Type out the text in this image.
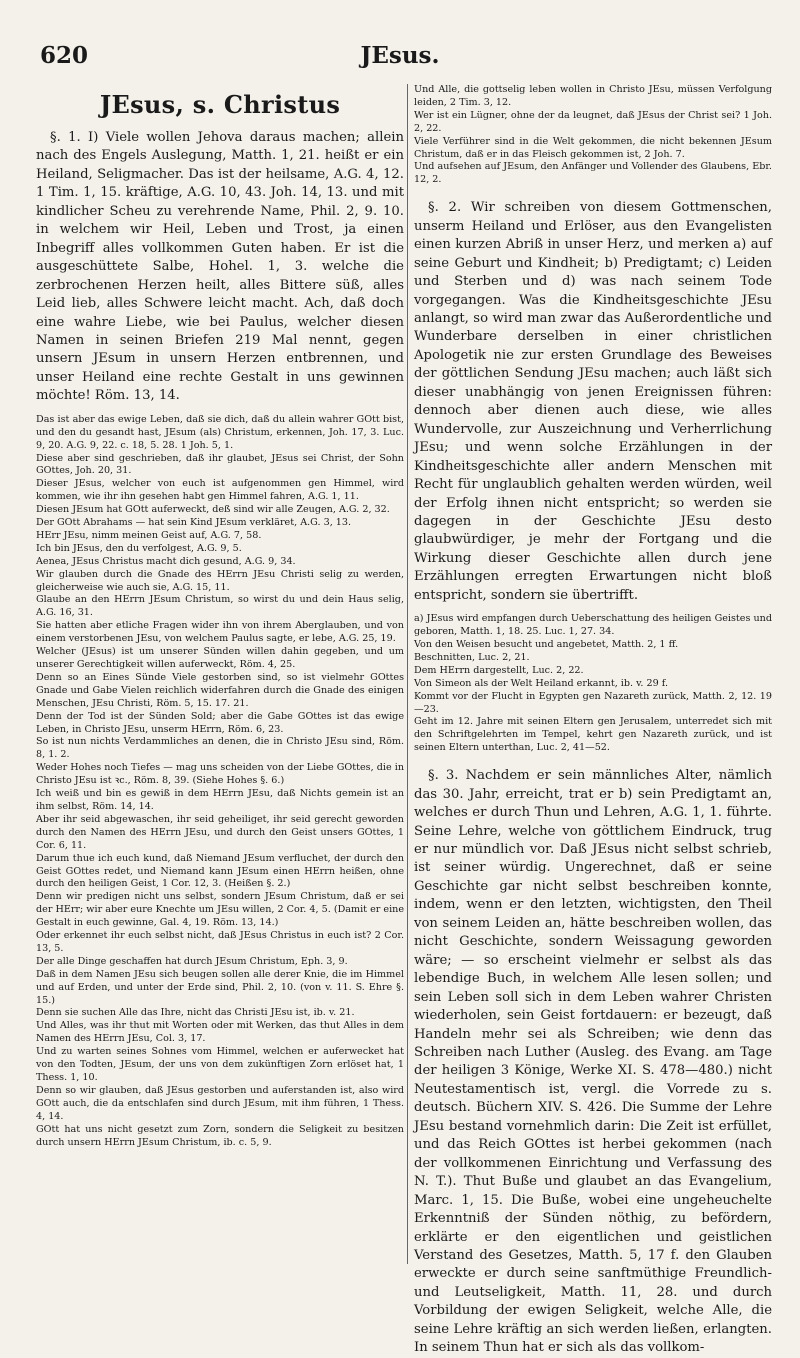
JEsus.
620
JEsus, s. Christus

§. 1. I) Viele wollen Jehova daraus machen; allein nach des Engels Auslegung, Matth. 1, 21. heißt er ein Heiland, Seligmacher. Das ist der heilsame, A.G. 4, 12. 1 Tim. 1, 15. kräftige, A.G. 10, 43. Joh. 14, 13. und mit kindlicher Scheu zu verehrende Name, Phil. 2, 9. 10. in welchem wir Heil, Leben und Trost, ja einen Inbegriff alles vollkommen Guten haben. Er ist die ausgeschüttete Salbe, Hohel. 1, 3. welche die zerbrochenen Herzen heilt, alles Bittere süß, alles Leid lieb, alles Schwere leicht macht. Ach, daß doch eine wahre Liebe, wie bei Paulus, welcher diesen Namen in seinen Briefen 219 Mal nennt, gegen unsern JEsum in unsern Herzen entbrennen, und unser Heiland eine rechte Gestalt in uns gewinnen möchte! Röm. 13, 14.

Das ist aber das ewige Leben, daß sie dich, daß du allein wahrer GOtt bist, und den du gesandt hast, JEsum (als) Christum, erkennen, Joh. 17, 3. Luc. 9, 20. A.G. 9, 22. c. 18, 5. 28. 1 Joh. 5, 1.

Diese aber sind geschrieben, daß ihr glaubet, JEsus sei Christ, der Sohn GOttes, Joh. 20, 31.

Dieser JEsus, welcher von euch ist aufgenommen gen Himmel, wird kommen, wie ihr ihn gesehen habt gen Himmel fahren, A.G. 1, 11.

Diesen JEsum hat GOtt auferweckt, deß sind wir alle Zeugen, A.G. 2, 32.

Der GOtt Abrahams — hat sein Kind JEsum verkläret, A.G. 3, 13.

HErr JEsu, nimm meinen Geist auf, A.G. 7, 58.

Ich bin JEsus, den du verfolgest, A.G. 9, 5.

Aenea, JEsus Christus macht dich gesund, A.G. 9, 34.

Wir glauben durch die Gnade des HErrn JEsu Christi selig zu werden, gleicherweise wie auch sie, A.G. 15, 11.

Glaube an den HErrn JEsum Christum, so wirst du und dein Haus selig, A.G. 16, 31.

Sie hatten aber etliche Fragen wider ihn von ihrem Aberglauben, und von einem verstorbenen JEsu, von welchem Paulus sagte, er lebe, A.G. 25, 19.

Welcher (JEsus) ist um unserer Sünden willen dahin gegeben, und um unserer Gerechtigkeit willen auferweckt, Röm. 4, 25.

Denn so an Eines Sünde Viele gestorben sind, so ist vielmehr GOttes Gnade und Gabe Vielen reichlich widerfahren durch die Gnade des einigen Menschen, JEsu Christi, Röm. 5, 15. 17. 21.

Denn der Tod ist der Sünden Sold; aber die Gabe GOttes ist das ewige Leben, in Christo JEsu, unserm HErrn, Röm. 6, 23.

So ist nun nichts Verdammliches an denen, die in Christo JEsu sind, Röm. 8, 1. 2.

Weder Hohes noch Tiefes — mag uns scheiden von der Liebe GOttes, die in Christo JEsu ist ꝛc., Röm. 8, 39. (Siehe Hohes §. 6.)

Ich weiß und bin es gewiß in dem HErrn JEsu, daß Nichts gemein ist an ihm selbst, Röm. 14, 14.

Aber ihr seid abgewaschen, ihr seid geheiliget, ihr seid gerecht geworden durch den Namen des HErrn JEsu, und durch den Geist unsers GOttes, 1 Cor. 6, 11.

Darum thue ich euch kund, daß Niemand JEsum verfluchet, der durch den Geist GOttes redet, und Niemand kann JEsum einen HErrn heißen, ohne durch den heiligen Geist, 1 Cor. 12, 3. (Heißen §. 2.)

Denn wir predigen nicht uns selbst, sondern JEsum Christum, daß er sei der HErr; wir aber eure Knechte um JEsu willen, 2 Cor. 4, 5. (Damit er eine Gestalt in euch gewinne, Gal. 4, 19. Röm. 13, 14.)

Oder erkennet ihr euch selbst nicht, daß JEsus Christus in euch ist? 2 Cor. 13, 5.

Der alle Dinge geschaffen hat durch JEsum Christum, Eph. 3, 9.

Daß in dem Namen JEsu sich beugen sollen alle derer Knie, die im Himmel und auf Erden, und unter der Erde sind, Phil. 2, 10. (von v. 11. S. Ehre §. 15.)

Denn sie suchen Alle das Ihre, nicht das Christi JEsu ist, ib. v. 21.

Und Alles, was ihr thut mit Worten oder mit Werken, das thut Alles in dem Namen des HErrn JEsu, Col. 3, 17.

Und zu warten seines Sohnes vom Himmel, welchen er auferwecket hat von den Todten, JEsum, der uns von dem zukünftigen Zorn erlöset hat, 1 Thess. 1, 10.

Denn so wir glauben, daß JEsus gestorben und auferstanden ist, also wird GOtt auch, die da entschlafen sind durch JEsum, mit ihm führen, 1 Thess. 4, 14.

GOtt hat uns nicht gesetzt zum Zorn, sondern die Seligkeit zu besitzen durch unsern HErrn JEsum Christum, ib. c. 5, 9.

Und Alle, die gottselig leben wollen in Christo JEsu, müssen Verfolgung leiden, 2 Tim. 3, 12.

Wer ist ein Lügner, ohne der da leugnet, daß JEsus der Christ sei? 1 Joh. 2, 22.

Viele Verführer sind in die Welt gekommen, die nicht bekennen JEsum Christum, daß er in das Fleisch gekommen ist, 2 Joh. 7.

Und aufsehen auf JEsum, den Anfänger und Vollender des Glaubens, Ebr. 12, 2.

§. 2. Wir schreiben von diesem Gottmenschen, unserm Heiland und Erlöser, aus den Evangelisten einen kurzen Abriß in unser Herz, und merken a) auf seine Geburt und Kindheit; b) Predigtamt; c) Leiden und Sterben und d) was nach seinem Tode vorgegangen. Was die Kindheitsgeschichte JEsu anlangt, so wird man zwar das Außerordentliche und Wunderbare derselben in einer christlichen Apologetik nie zur ersten Grundlage des Beweises der göttlichen Sendung JEsu machen; auch läßt sich dieser unabhängig von jenen Ereignissen führen: dennoch aber dienen auch diese, wie alles Wundervolle, zur Auszeichnung und Verherrlichung JEsu; und wenn solche Erzählungen in der Kindheitsgeschichte aller andern Menschen mit Recht für unglaublich gehalten werden würden, weil der Erfolg ihnen nicht entspricht; so werden sie dagegen in der Geschichte JEsu desto glaubwürdiger, je mehr der Fortgang und die Wirkung dieser Geschichte allen durch jene Erzählungen erregten Erwartungen nicht bloß entspricht, sondern sie übertrifft.

a) JEsus wird empfangen durch Ueberschattung des heiligen Geistes und geboren, Matth. 1, 18. 25. Luc. 1, 27. 34.

Von den Weisen besucht und angebetet, Matth. 2, 1 ff.

Beschnitten, Luc. 2, 21.

Dem HErrn dargestellt, Luc. 2, 22.

Von Simeon als der Welt Heiland erkannt, ib. v. 29 f.

Kommt vor der Flucht in Egypten gen Nazareth zurück, Matth. 2, 12. 19—23.

Geht im 12. Jahre mit seinen Eltern gen Jerusalem, unterredet sich mit den Schriftgelehrten im Tempel, kehrt gen Nazareth zurück, und ist seinen Eltern unterthan, Luc. 2, 41—52.

§. 3. Nachdem er sein männliches Alter, nämlich das 30. Jahr, erreicht, trat er b) sein Predigtamt an, welches er durch Thun und Lehren, A.G. 1, 1. führte. Seine Lehre, welche von göttlichem Eindruck, trug er nur mündlich vor. Daß JEsus nicht selbst schrieb, ist seiner würdig. Ungerechnet, daß er seine Geschichte gar nicht selbst beschreiben konnte, indem, wenn er den letzten, wichtigsten, den Theil von seinem Leiden an, hätte beschreiben wollen, das nicht Geschichte, sondern Weissagung geworden wäre; — so erscheint vielmehr er selbst als das lebendige Buch, in welchem Alle lesen sollen; und sein Leben soll sich in dem Leben wahrer Christen wiederholen, sein Geist fortdauern: er bezeugt, daß Handeln mehr sei als Schreiben; wie denn das Schreiben nach Luther (Ausleg. des Evang. am Tage der heiligen 3 Könige, Werke XI. S. 478—480.) nicht Neutestamentisch ist, vergl. die Vorrede zu s. deutsch. Büchern XIV. S. 426. Die Summe der Lehre JEsu bestand vornehmlich darin: Die Zeit ist erfüllet, und das Reich GOttes ist herbei gekommen (nach der vollkommenen Einrichtung und Verfassung des N. T.). Thut Buße und glaubet an das Evangelium, Marc. 1, 15. Die Buße, wobei eine ungeheuchelte Erkenntniß der Sünden nöthig, zu befördern, erklärte er den eigentlichen und geistlichen Verstand des Gesetzes, Matth. 5, 17 f. den Glauben erweckte er durch seine sanftmüthige Freundlich- und Leutseligkeit, Matth. 11, 28. und durch Vorbildung der ewigen Seligkeit, welche Alle, die seine Lehre kräftig an sich werden ließen, erlangten. In seinem Thun hat er sich als das vollkom-
